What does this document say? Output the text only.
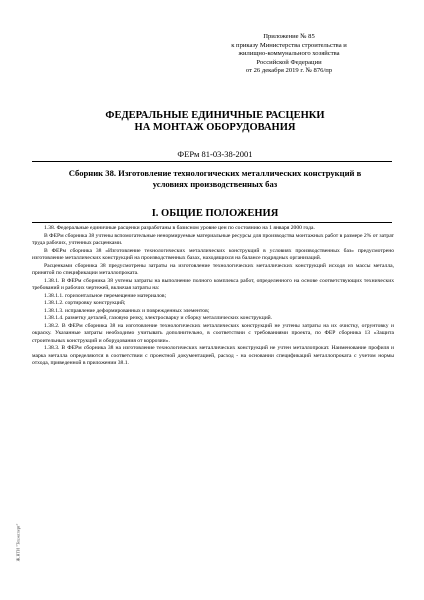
Приложение № 85
к приказу Министерства строительства и
жилищно-коммунального хозяйства
Российской Федерации
от 26 декабря 2019 г. № 876/пр
ФЕДЕРАЛЬНЫЕ ЕДИНИЧНЫЕ РАСЦЕНКИ
НА МОНТАЖ ОБОРУДОВАНИЯ
ФЕРм 81-03-38-2001
Сборник 38. Изготовление технологических металлических конструкций в
условиях производственных баз
I. ОБЩИЕ ПОЛОЖЕНИЯ

1.38. Федеральные единичные расценки разработаны в базисном уровне цен по состоянию на 1 января 2000 года.

В ФЕРм сборника 38 учтены вспомогательные ненормируемые материальные ресурсы для производства монтажных работ в размере 2% от затрат труда рабочих, учтенных расценками.

В ФЕРм сборника 38 «Изготовление технологических металлических конструкций в условиях производственных баз» предусмотрено изготовление металлических конструкций на производственных базах, находящихся на балансе подрядных организаций.

Расценками сборника 38 предусмотрены затраты на изготовление технологических металлических конструкций исходя из массы металла, принятой по спецификации металлопроката.

1.38.1. В ФЕРм сборника 38 учтены затраты на выполнение полного комплекса работ, определенного на основе соответствующих технических требований и рабочих чертежей, включая затраты на:

1.38.1.1. горизонтальное перемещение материалов;

1.38.1.2. сортировку конструкций;

1.38.1.3. исправление деформированных и поврежденных элементов;

1.38.1.4. разметку деталей, газовую резку, электросварку и сборку металлических конструкций.

1.38.2. В ФЕРм сборника 38 на изготовление технологических металлических конструкций не учтены затраты на их очистку, огрунтовку и окраску. Указанные затраты необходимо учитывать дополнительно, в соответствии с требованиями проекта, по ФЕР сборника 13 «Защита строительных конструкций и оборудования от коррозии».

1.38.3. В ФЕРм сборника 38 на изготовление технологических металлических конструкций не учтен металлопрокат. Наименование профиля и марка металла определяются в соответствии с проектной документацией, расход - на основании спецификаций металлопроката с учетом нормы отхода, приведенной в приложении 38.1.

Ж.НТИ "Техэксперт"
